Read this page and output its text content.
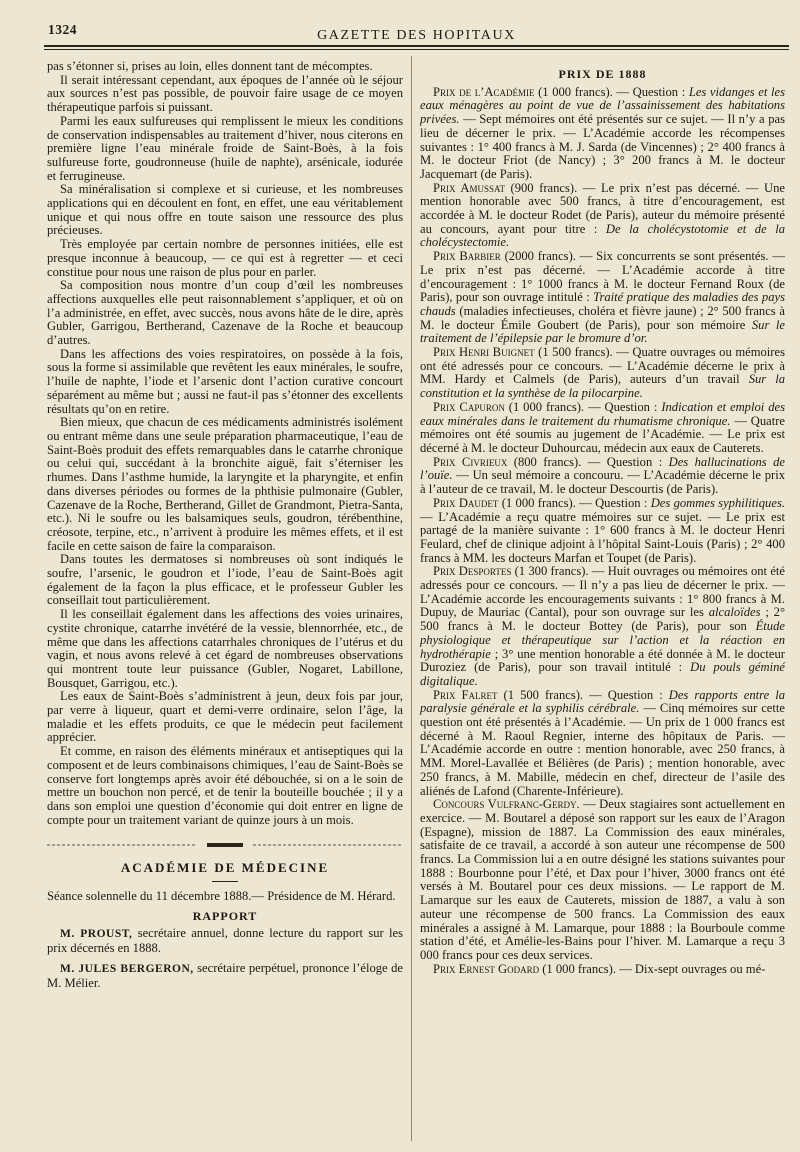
1324	GAZETTE DES HOPITAUX

pas s’étonner si, prises au loin, elles donnent tant de mécomptes.

Il serait intéressant cependant, aux époques de l’année où le séjour aux sources n’est pas possible, de pouvoir faire usage de ce moyen thérapeutique parfois si puissant.

Parmi les eaux sulfureuses qui remplissent le mieux les conditions de conservation indispensables au traitement d’hiver, nous citerons en première ligne l’eau minérale froide de Saint-Boès, à la fois sulfureuse forte, goudronneuse (huile de naphte), arsénicale, iodurée et ferrugineuse.

Sa minéralisation si complexe et si curieuse, et les nombreuses applications qui en découlent en font, en effet, une eau véritablement unique et qui nous offre en toute saison une ressource des plus précieuses.

Très employée par certain nombre de personnes initiées, elle est presque inconnue à beaucoup, — ce qui est à regretter — et ceci constitue pour nous une raison de plus pour en parler.

Sa composition nous montre d’un coup d’œil les nombreuses affections auxquelles elle peut raisonnablement s’appliquer, et où on l’a administrée, en effet, avec succès, nous avons hâte de le dire, après Gubler, Garrigou, Bertherand, Cazenave de la Roche et beaucoup d’autres.

Dans les affections des voies respiratoires, on possède à la fois, sous la forme si assimilable que revêtent les eaux minérales, le soufre, l’huile de naphte, l’iode et l’arsenic dont l’action curative concourt séparément au même but ; aussi ne faut-il pas s’étonner des excellents résultats qu’on en retire.

Bien mieux, que chacun de ces médicaments administrés isolément ou entrant même dans une seule préparation pharmaceutique, l’eau de Saint-Boès produit des effets remarquables dans le catarrhe chronique ou celui qui, succédant à la bronchite aiguë, fait s’éterniser les rhumes. Dans l’asthme humide, la laryngite et la pharyngite, et enfin dans diverses périodes ou formes de la phthisie pulmonaire (Gubler, Cazenave de la Roche, Bertherand, Gillet de Grandmont, Pietra-Santa, etc.). Ni le soufre ou les balsamiques seuls, goudron, térébenthine, créosote, terpine, etc., n’arrivent à produire les mêmes effets, et il est facile en cette saison de faire la comparaison.

Dans toutes les dermatoses si nombreuses où sont indiqués le soufre, l’arsenic, le goudron et l’iode, l’eau de Saint-Boès agit également de la façon la plus efficace, et le professeur Gubler les conseillait tout particulièrement.

Il les conseillait également dans les affections des voies urinaires, cystite chronique, catarrhe invétéré de la vessie, blennorrhée, etc., de même que dans les affections catarrhales chroniques de l’utérus et du vagin, et nous avons relevé à cet égard de nombreuses observations qui montrent toute leur puissance (Gubler, Nogaret, Labillone, Bousquet, Garrigou, etc.).

Les eaux de Saint-Boès s’administrent à jeun, deux fois par jour, par verre à liqueur, quart et demi-verre ordinaire, selon l’âge, la maladie et les effets produits, ce que le médecin peut facilement apprécier.

Et comme, en raison des éléments minéraux et antiseptiques qui la composent et de leurs combinaisons chimiques, l’eau de Saint-Boès se conserve fort longtemps après avoir été débouchée, si on a le soin de mettre un bouchon non percé, et de tenir la bouteille bouchée ; il y a dans son emploi une question d’économie qui doit entrer en ligne de compte pour un traitement variant de quinze jours à un mois.

ACADÉMIE DE MÉDECINE

Séance solennelle du 11 décembre 1888.— Présidence de M. Hérard.

RAPPORT

M. PROUST, secrétaire annuel, donne lecture du rapport sur les prix décernés en 1888.

M. JULES BERGERON, secrétaire perpétuel, prononce l’éloge de M. Mélier.

PRIX DE 1888

Prix de l’Académie (1 000 francs). — Question : Les vidanges et les eaux ménagères au point de vue de l’assainissement des habitations privées. — Sept mémoires ont été présentés sur ce sujet. — Il n’y a pas lieu de décerner le prix. — L’Académie accorde les récompenses suivantes : 1° 400 francs à M. J. Sarda (de Vincennes) ; 2° 400 francs à M. le docteur Friot (de Nancy) ; 3° 200 francs à M. le docteur Jacquemart (de Paris).

Prix Amussat (900 francs). — Le prix n’est pas décerné. — Une mention honorable avec 500 francs, à titre d’encouragement, est accordée à M. le docteur Rodet (de Paris), auteur du mémoire présenté au concours, ayant pour titre : De la cholécystotomie et de la cholécystectomie.

Prix Barbier (2000 francs). — Six concurrents se sont présentés. — Le prix n’est pas décerné. — L’Académie accorde à titre d’encouragement : 1° 1000 francs à M. le docteur Fernand Roux (de Paris), pour son ouvrage intitulé : Traité pratique des maladies des pays chauds (maladies infectieuses, choléra et fièvre jaune) ; 2° 500 francs à M. le docteur Émile Goubert (de Paris), pour son mémoire Sur le traitement de l’épilepsie par le bromure d’or.

Prix Henri Buignet (1 500 francs). — Quatre ouvrages ou mémoires ont été adressés pour ce concours. — L’Académie décerne le prix à MM. Hardy et Calmels (de Paris), auteurs d’un travail Sur la constitution et la synthèse de la pilocarpine.

Prix Capuron (1 000 francs). — Question : Indication et emploi des eaux minérales dans le traitement du rhumatisme chronique. — Quatre mémoires ont été soumis au jugement de l’Académie. — Le prix est décerné à M. le docteur Duhourcau, médecin aux eaux de Cauterets.

Prix Civrieux (800 francs). — Question : Des hallucinations de l’ouïe. — Un seul mémoire a concouru. — L’Académie décerne le prix à l’auteur de ce travail, M. le docteur Descourtis (de Paris).

Prix Daudet (1 000 francs). — Question : Des gommes syphilitiques. — L’Académie a reçu quatre mémoires sur ce sujet. — Le prix est partagé de la manière suivante : 1° 600 francs à M. le docteur Henri Feulard, chef de clinique adjoint à l’hôpital Saint-Louis (Paris) ; 2° 400 francs à MM. les docteurs Marfan et Toupet (de Paris).

Prix Desportes (1 300 francs). — Huit ouvrages ou mémoires ont été adressés pour ce concours. — Il n’y a pas lieu de décerner le prix. — L’Académie accorde les encouragements suivants : 1° 800 francs à M. Dupuy, de Mauriac (Cantal), pour son ouvrage sur les alcaloïdes ; 2° 500 francs à M. le docteur Bottey (de Paris), pour son Étude physiologique et thérapeutique sur l’action et la réaction en hydrothérapie ; 3° une mention honorable a été donnée à M. le docteur Duroziez (de Paris), pour son travail intitulé : Du pouls géminé digitalique.

Prix Falret (1 500 francs). — Question : Des rapports entre la paralysie générale et la syphilis cérébrale. — Cinq mémoires sur cette question ont été présentés à l’Académie. — Un prix de 1 000 francs est décerné à M. Raoul Regnier, interne des hôpitaux de Paris. — L’Académie accorde en outre : mention honorable, avec 250 francs, à MM. Morel-Lavallée et Bélières (de Paris) ; mention honorable, avec 250 francs, à M. Mabille, médecin en chef, directeur de l’asile des aliénés de Lafond (Charente-Inférieure).

Concours Vulfranc-Gerdy. — Deux stagiaires sont actuellement en exercice. — M. Boutarel a déposé son rapport sur les eaux de l’Aragon (Espagne), mission de 1887. La Commission des eaux minérales, satisfaite de ce travail, a accordé à son auteur une récompense de 500 francs. La Commission lui a en outre désigné les stations suivantes pour 1888 : Bourbonne pour l’été, et Dax pour l’hiver, 3000 francs ont été versés à M. Boutarel pour ces deux missions. — Le rapport de M. Lamarque sur les eaux de Cauterets, mission de 1887, a valu à son auteur une récompense de 500 francs. La Commission des eaux minérales a assigné à M. Lamarque, pour 1888 : la Bourboule comme station d’été, et Amélie-les-Bains pour l’hiver. M. Lamarque a reçu 3 000 francs pour ces deux services.

Prix Ernest Godard (1 000 francs). — Dix-sept ouvrages ou mé-
